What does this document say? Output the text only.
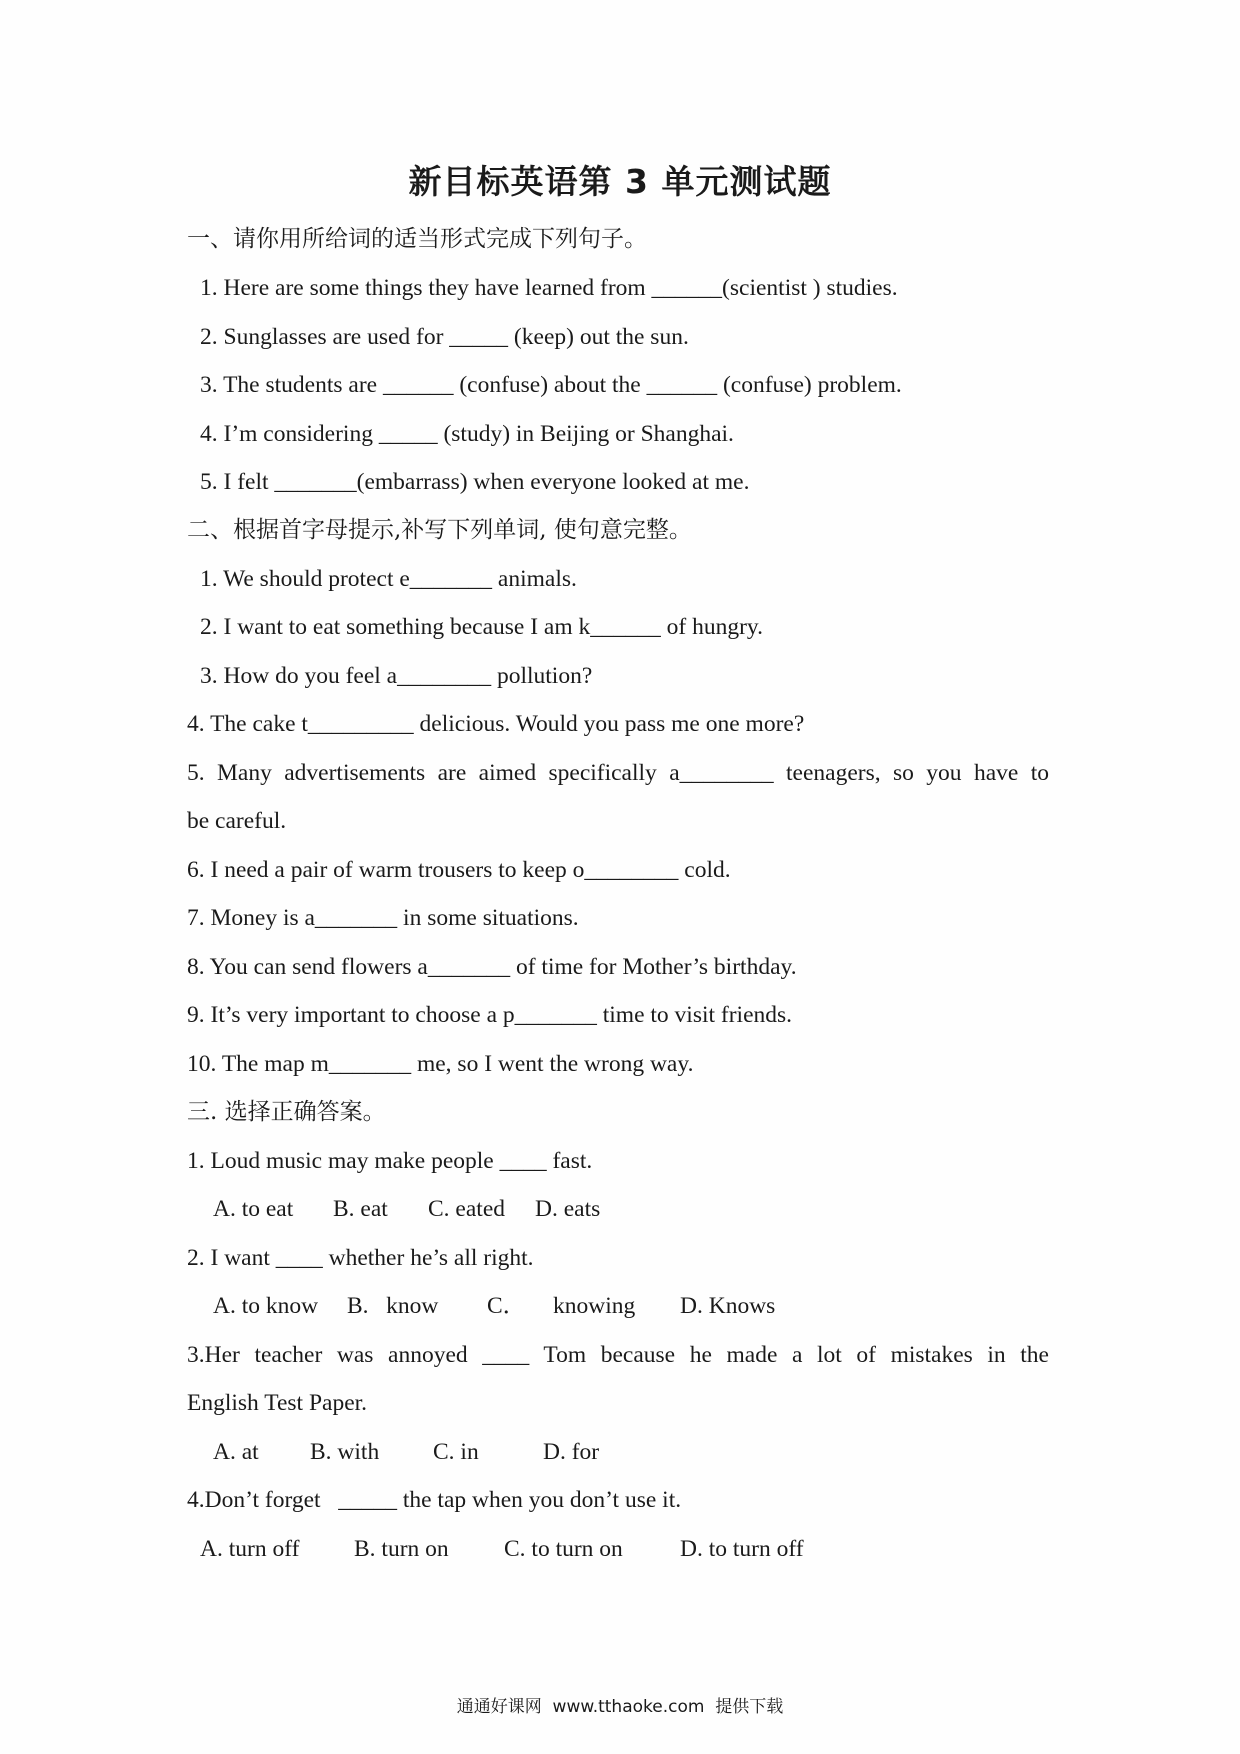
新目标英语第 3 单元测试题
一、请你用所给词的适当形式完成下列句子。
1. Here are some things they have learned from ______(scientist ) studies.
2. Sunglasses are used for _____ (keep) out the sun.
3. The students are ______ (confuse) about the ______ (confuse) problem.
4. I’m considering _____ (study) in Beijing or Shanghai.
5. I felt _______(embarrass) when everyone looked at me.
二、根据首字母提示,补写下列单词, 使句意完整。
1. We should protect e_______ animals.
2. I want to eat something because I am k______ of hungry.
3. How do you feel a________ pollution?
4. The cake t_________ delicious. Would you pass me one more?
5. Many advertisements are aimed specifically a________ teenagers, so you have to
be careful.
6. I need a pair of warm trousers to keep o________ cold.
7. Money is a_______ in some situations.
8. You can send flowers a_______ of time for Mother’s birthday.
9. It’s very important to choose a p_______ time to visit friends.
10. The map m_______ me, so I went the wrong way.
三. 选择正确答案。
1. Loud music may make people ____ fast.
A. to eat B. eat C. eated D. eats
2. I want ____ whether he’s all right.
A. to know B.   know C． knowing D. Knows
3.Her teacher was annoyed ____ Tom because he made a lot of mistakes in the
English Test Paper.
A. at B. with C. in	D. for
4.Don’t forget   _____ the tap when you don’t use it.
A. turn off B. turn on C. to turn on D. to turn off
通通好课网  www.tthaoke.com  提供下载
